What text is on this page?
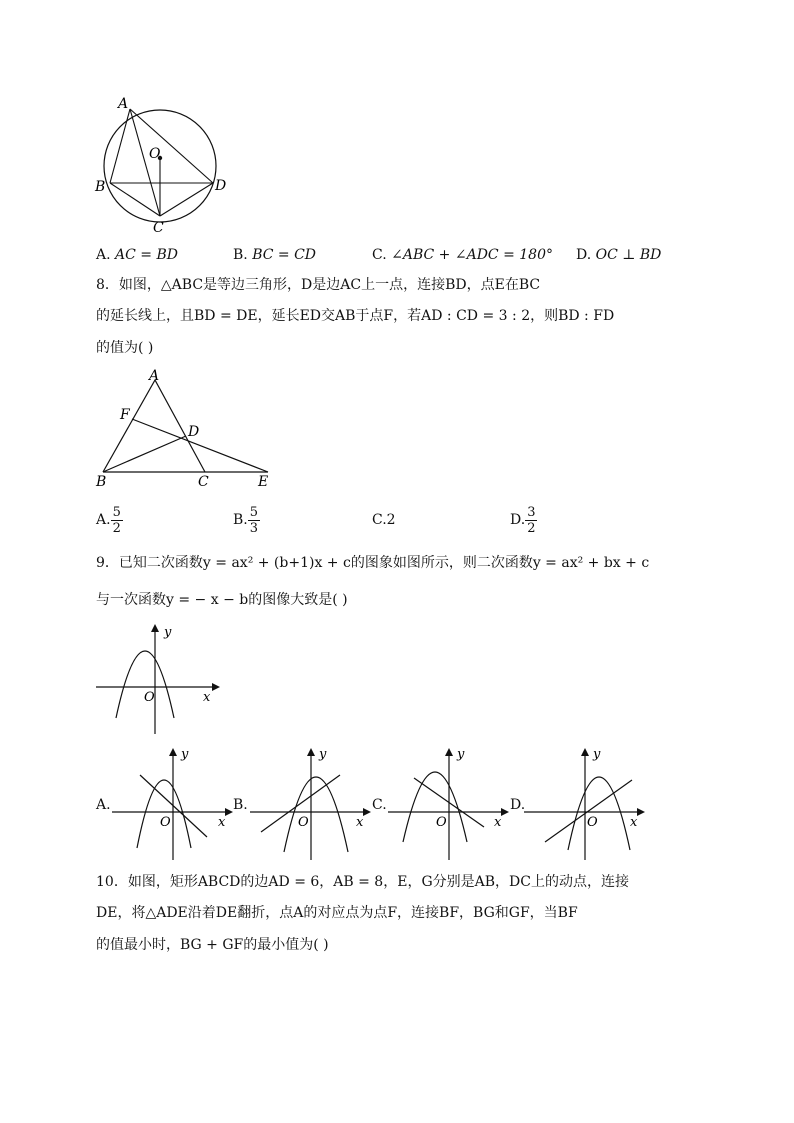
A
O
B	D
C
A. AC = BD	B. BC = CD	C. ∠ABC + ∠ADC = 180° D. OC ⊥ BD
8．如图，△ABC是等边三角形，D是边AC上一点，连接BD，点E在BC
的延长线上，且BD = DE，延长ED交AB于点F，若AD : CD = 3 : 2，则BD : FD
的值为( )
A
F
D
B	C	E
A. $\frac{5}{2}$	B. $\frac{5}{3}$	C.2	D. $\frac{3}{2}$
9．已知二次函数y = ax² + (b+1)x + c的图象如图所示，则二次函数y = ax² + bx + c
与一次函数y = − x − b的图像大致是( )
y
x
O
A.
y
x
O
B.
y
x
O
C.
y
x
O
D.
y
x
O
10．如图，矩形ABCD的边AD = 6，AB = 8，E，G分别是AB，DC上的动点，连接
DE，将△ADE沿着DE翻折，点A的对应点为点F，连接BF，BG和GF，当BF
的值最小时，BG + GF的最小值为( )
